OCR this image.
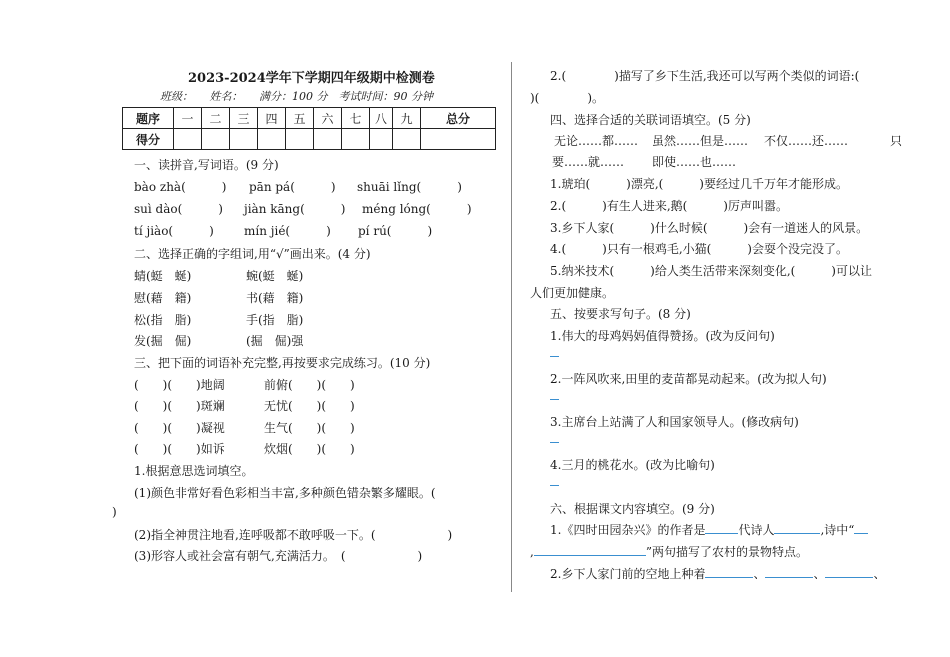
2023-2024学年下学期四年级期中检测卷
班级：　　姓名：　　满分：100 分　考试时间：90 分钟
题序	一	二	三	四	五	六	七	八	九	总分
得分										
一、读拼音,写词语。(9 分)
bào zhà(　　　) pān pá(　　　) shuāi lǐng(　　　)
suì dào(　　　) jiàn kāng(　　　) méng lóng(　　　)
tí jiào(　　　)	mín jié(　　　) pí rú(　　　)
二、选择正确的字组词,用“√”画出来。(4 分)
蜻(蜓　蜒)	蜿(蜓　蜒)
慰(藉　籍)	书(藉　籍)
松(指　脂)	手(指　脂)
发(掘　倔)	(掘　倔)强
三、把下面的词语补充完整,再按要求完成练习。(10 分)
(　　)(　　)地阔	前俯(　　)(　　)
(　　)(　　)斑斓	无忧(　　)(　　)
(　　)(　　)凝视	生气(　　)(　　)
(　　)(　　)如诉	炊烟(　　)(　　)
1.根据意思选词填空。
(1)颜色非常好看色彩相当丰富,多种颜色错杂繁多耀眼。(
)
(2)指全神贯注地看,连呼吸都不敢呼吸一下。(　　　　　　)
(3)形容人或社会富有朝气,充满活力。　(　　　　　　)
2.(　　　　)描写了乡下生活,我还可以写两个类似的词语:(
)(　　　　)。
四、选择合适的关联词语填空。(5 分)
无论……都…… 虽然……但是…… 不仅……还……	只
要……就…… 即使……也……
1.琥珀(　　　)漂亮,(　　　)要经过几千万年才能形成。
2.(　　　)有生人进来,鹅(　　　)厉声叫嚣。
3.乡下人家(　　　)什么时候(　　　)会有一道迷人的风景。
4.(　　　)只有一根鸡毛,小猫(　　　)会耍个没完没了。
5.纳米技术(　　　)给人类生活带来深刻变化,(　　　)可以让
人们更加健康。
五、按要求写句子。(8 分)
1.伟大的母鸡妈妈值得赞扬。(改为反问句)
2.一阵风吹来,田里的麦苗都晃动起来。(改为拟人句)
3.主席台上站满了人和国家领导人。(修改病句)
4.三月的桃花水。(改为比喻句)
六、根据课文内容填空。(9 分)
1.《四时田园杂兴》的作者是	代诗人	,诗中“
,	”两句描写了农村的景物特点。
2.乡下人家门前的空地上种着	、	、	、
